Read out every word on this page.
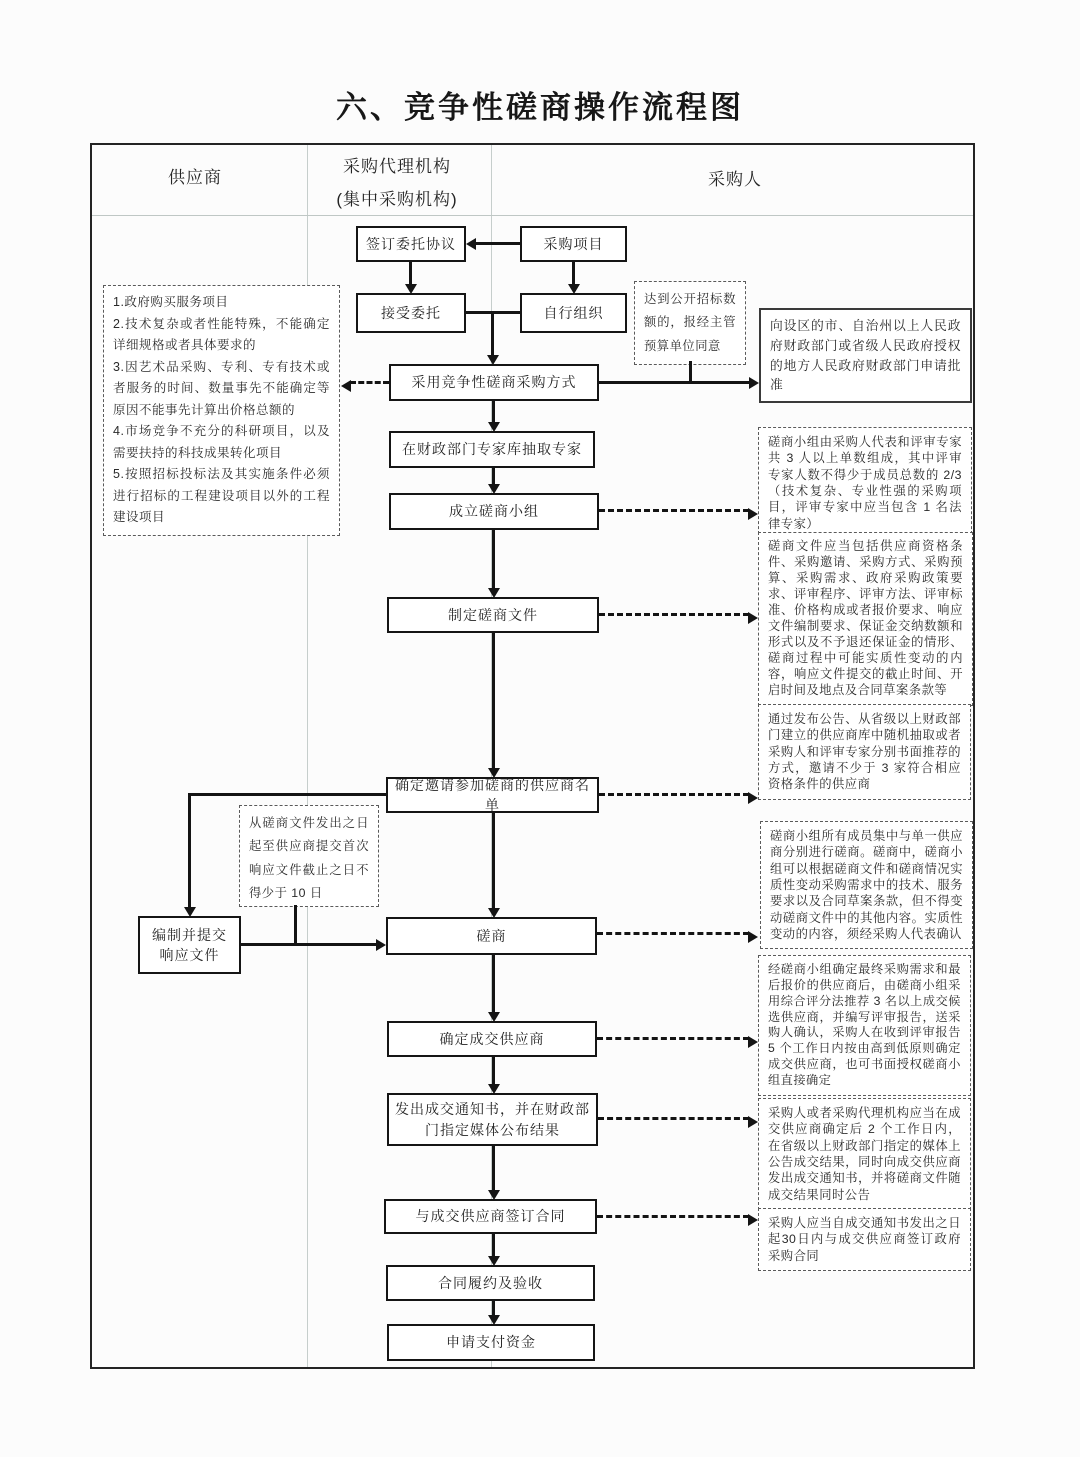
六、竞争性磋商操作流程图
供应商
采购代理机构
(集中采购机构)
采购人
签订委托协议	采购项目
接受委托	自行组织
采用竞争性磋商采购方式
在财政部门专家库抽取专家
成立磋商小组
制定磋商文件
确定邀请参加磋商的供应商名单
磋商
确定成交供应商
发出成交通知书，并在财政部门指定媒体公布结果
与成交供应商签订合同
合同履约及验收
申请支付资金
编制并提交响应文件
1.政府购买服务项目
2.技术复杂或者性能特殊，不能确定详细规格或者具体要求的
3.因艺术品采购、专利、专有技术或者服务的时间、数量事先不能确定等原因不能事先计算出价格总额的
4.市场竞争不充分的科研项目，以及需要扶持的科技成果转化项目
5.按照招标投标法及其实施条件必须进行招标的工程建设项目以外的工程建设项目
达到公开招标数额的，报经主管预算单位同意
向设区的市、自治州以上人民政府财政部门或省级人民政府授权的地方人民政府财政部门申请批准
磋商小组由采购人代表和评审专家共 3 人以上单数组成，其中评审专家人数不得少于成员总数的 2/3（技术复杂、专业性强的采购项目，评审专家中应当包含 1 名法律专家）
磋商文件应当包括供应商资格条件、采购邀请、采购方式、采购预算、采购需求、政府采购政策要求、评审程序、评审方法、评审标准、价格构成或者报价要求、响应文件编制要求、保证金交纳数额和形式以及不予退还保证金的情形、磋商过程中可能实质性变动的内容，响应文件提交的截止时间、开启时间及地点及合同草案条款等
通过发布公告、从省级以上财政部门建立的供应商库中随机抽取或者采购人和评审专家分别书面推荐的方式，邀请不少于 3 家符合相应资格条件的供应商
磋商小组所有成员集中与单一供应商分别进行磋商。磋商中，磋商小组可以根据磋商文件和磋商情况实质性变动采购需求中的技术、服务要求以及合同草案条款，但不得变动磋商文件中的其他内容。实质性变动的内容，须经采购人代表确认
经磋商小组确定最终采购需求和最后报价的供应商后，由磋商小组采用综合评分法推荐 3 名以上成交候选供应商，并编写评审报告，送采购人确认，采购人在收到评审报告 5 个工作日内按由高到低原则确定成交供应商，也可书面授权磋商小组直接确定
采购人或者采购代理机构应当在成交供应商确定后 2 个工作日内，在省级以上财政部门指定的媒体上公告成交结果，同时向成交供应商发出成交通知书，并将磋商文件随成交结果同时公告
采购人应当自成交通知书发出之日起30日内与成交供应商签订政府采购合同
从磋商文件发出之日起至供应商提交首次响应文件截止之日不得少于 10 日
